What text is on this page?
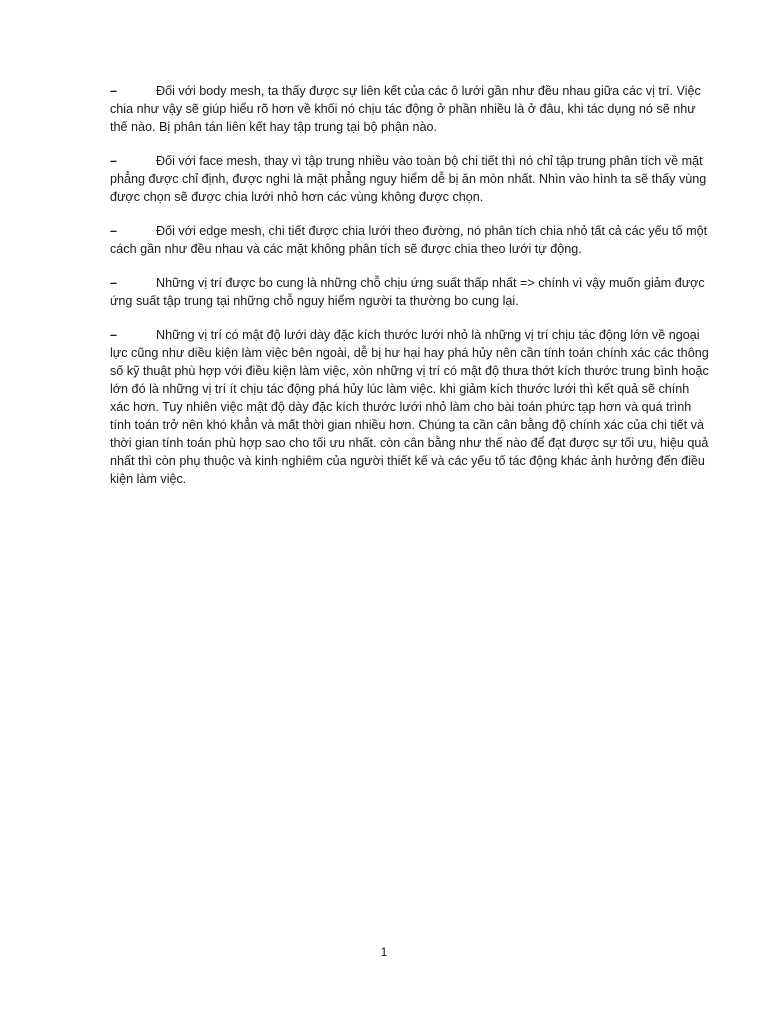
–	Đối với body mesh, ta thấy được sự liên kết của các ô lưới gần như đều nhau giữa các vị trí. Việc chia như vậy sẽ giúp hiểu rõ hơn về khối nó chịu tác động ở phần nhiều là ở đâu, khi tác dụng nó sẽ như thế nào. Bị phân tán liên kết hay tập trung tại bộ phận nào.

–	Đối với face mesh, thay vì tập trung nhiều vào toàn bộ chi tiết thì nó chỉ tập trung phân tích về mặt phẳng được chỉ định, được nghi là mặt phẳng nguy hiểm dễ bị ăn mòn nhất. Nhìn vào hình ta sẽ thấy vùng được chọn sẽ được chia lưới nhỏ hơn các vùng không được chọn.

–	Đối với edge mesh, chi tiết được chia lưới theo đường, nó phân tích chia nhỏ tất cả các yếu tố một cách gần như đều nhau và các mặt không phân tích sẽ được chia theo lưới tự động.

–	Những vị trí được bo cung là những chỗ chịu ứng suất thấp nhất => chính vì vậy muốn giảm được ứng suất tập trung tại những chỗ nguy hiểm người ta thường bo cung lại.

–	Những vị trí có mật độ lưới dày đặc kích thước lưới nhỏ là những vị trí chịu tác động lớn về ngoại lực cũng như diều kiện làm việc bên ngoài, dễ bị hư hại hay phá hủy nên cần tính toán chính xác các thông số kỹ thuật phù hợp với điều kiện làm việc, xòn những vị trí có mật độ thưa thớt kích thước trung bình hoặc lớn đó là những vị trí ít chịu tác động phá hủy lúc làm việc. khi giảm kích thước lưới thì kết quả sẽ chính xác hơn. Tuy nhiên việc mật độ dày đặc kích thước lưới nhỏ làm cho bài toán phức tạp hơn và quá trình tính toán trở nên khó khẳn và mất thời gian nhiều hơn. Chúng ta cần cân bằng độ chính xác của chi tiết và thời gian tính toán phù hợp sao cho tối ưu nhất. còn cân bằng như thế nào để đạt được sự tối ưu, hiệu quả nhất thì còn phụ thuộc và kinh nghiêm của người thiết kế và các yếu tố tác động khác ảnh hưởng đến điều kiện làm việc.

1
